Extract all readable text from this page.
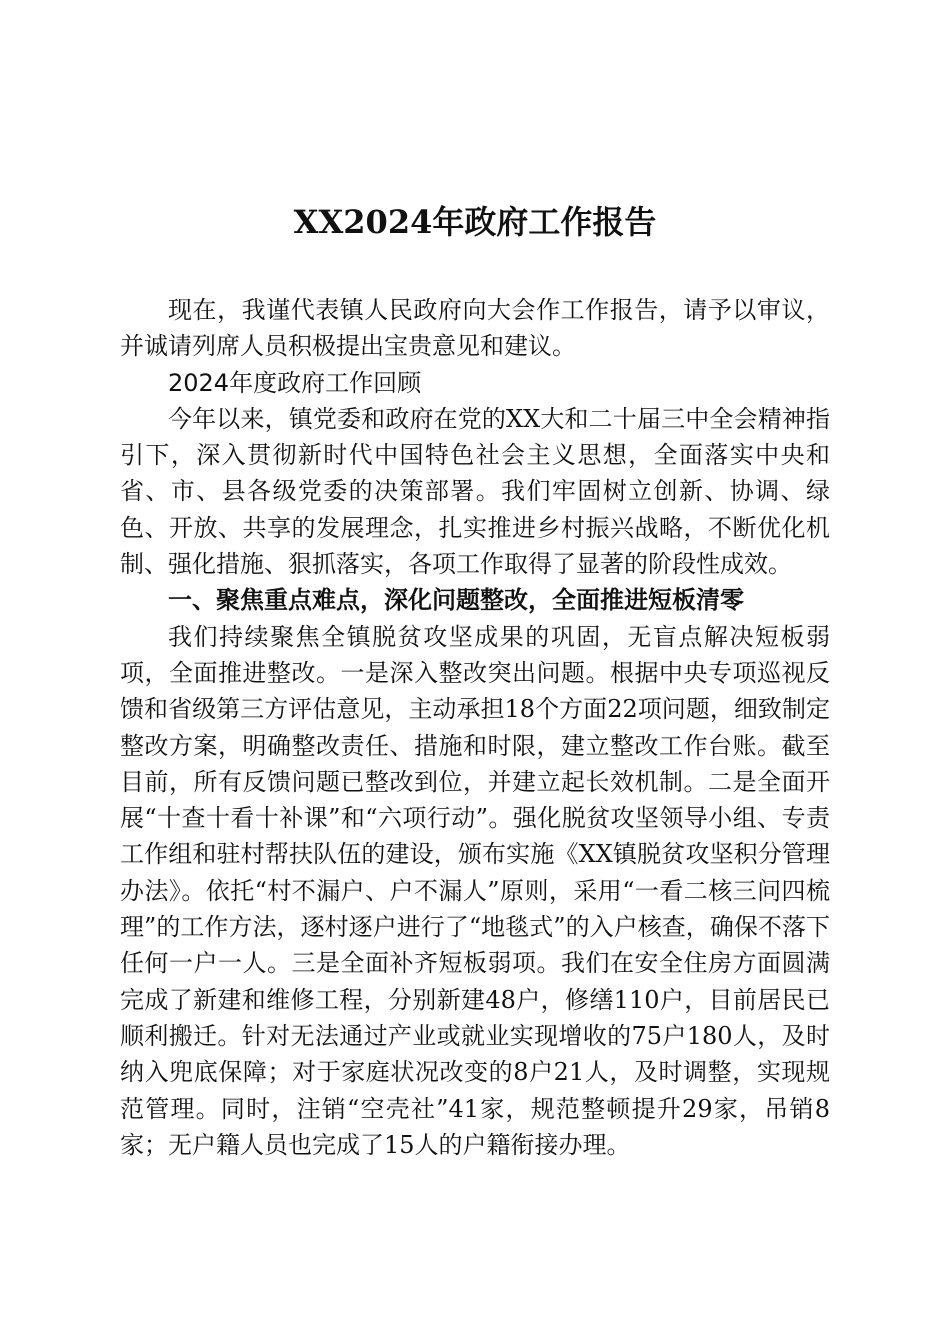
XX2024年政府工作报告

现在，我谨代表镇人民政府向大会作工作报告，请予以审议，并诚请列席人员积极提出宝贵意见和建议。

2024年度政府工作回顾

今年以来，镇党委和政府在党的XX大和二十届三中全会精神指引下，深入贯彻新时代中国特色社会主义思想，全面落实中央和省、市、县各级党委的决策部署。我们牢固树立创新、协调、绿色、开放、共享的发展理念，扎实推进乡村振兴战略，不断优化机制、强化措施、狠抓落实，各项工作取得了显著的阶段性成效。

一、聚焦重点难点，深化问题整改，全面推进短板清零

我们持续聚焦全镇脱贫攻坚成果的巩固，无盲点解决短板弱项，全面推进整改。一是深入整改突出问题。根据中央专项巡视反馈和省级第三方评估意见，主动承担18个方面22项问题，细致制定整改方案，明确整改责任、措施和时限，建立整改工作台账。截至目前，所有反馈问题已整改到位，并建立起长效机制。二是全面开展“十查十看十补课”和“六项行动”。强化脱贫攻坚领导小组、专责工作组和驻村帮扶队伍的建设，颁布实施《XX镇脱贫攻坚积分管理办法》。依托“村不漏户、户不漏人”原则，采用“一看二核三问四梳理”的工作方法，逐村逐户进行了“地毯式”的入户核查，确保不落下任何一户一人。三是全面补齐短板弱项。我们在安全住房方面圆满完成了新建和维修工程，分别新建48户，修缮110户，目前居民已顺利搬迁。针对无法通过产业或就业实现增收的75户180人，及时纳入兜底保障；对于家庭状况改变的8户21人，及时调整，实现规范管理。同时，注销“空壳社”41家，规范整顿提升29家，吊销8家；无户籍人员也完成了15人的户籍衔接办理。
